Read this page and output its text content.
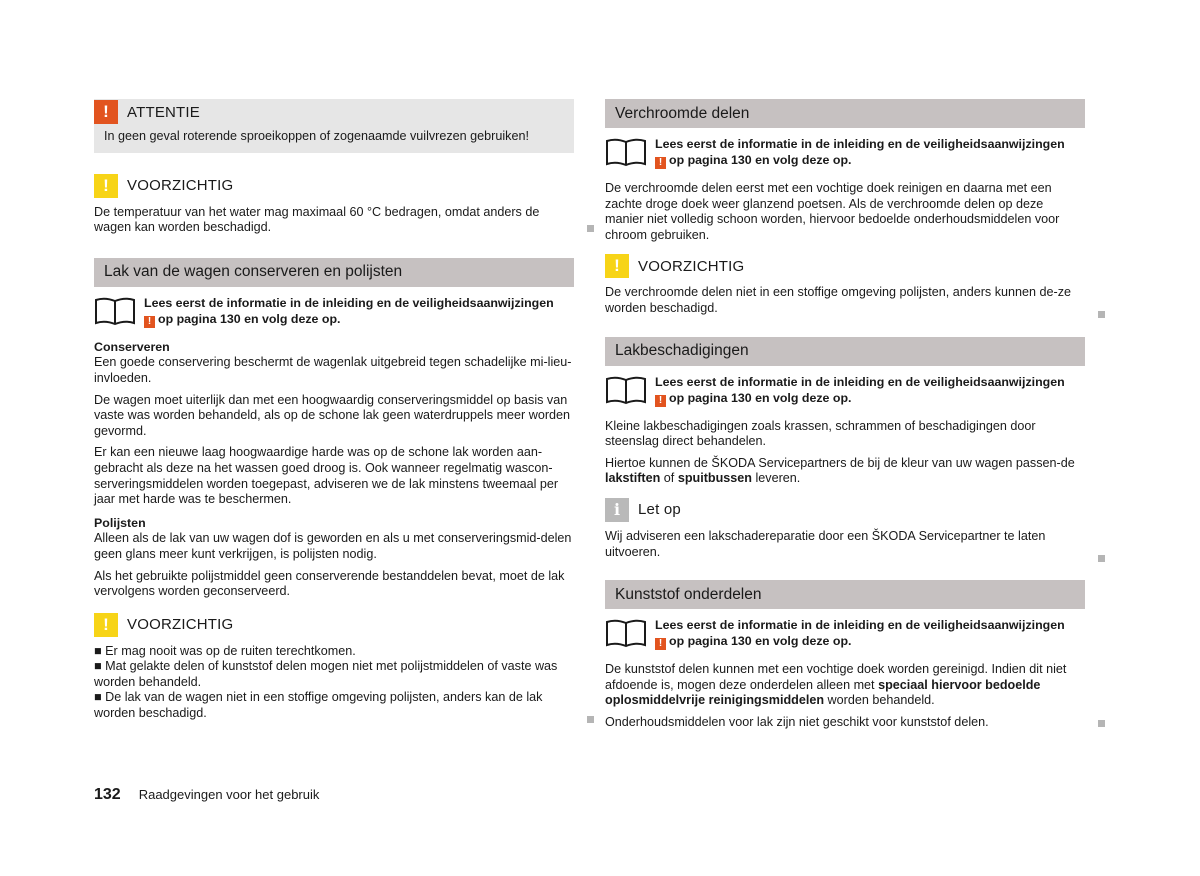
!	ATTENTIE

In geen geval roterende sproeikoppen of zogenaamde vuilvrezen gebruiken!

!	VOORZICHTIG

De temperatuur van het water mag maximaal 60 °C bedragen, omdat anders de wagen kan worden beschadigd.

Lak van de wagen conserveren en polijsten
Lees eerst de informatie in de inleiding en de veiligheidsaanwijzingen
! op pagina 130 en volg deze op.

Conserveren

Een goede conservering beschermt de wagenlak uitgebreid tegen schadelijke mi-lieu-invloeden.

De wagen moet uiterlijk dan met een hoogwaardig conserveringsmiddel op basis van vaste was worden behandeld, als op de schone lak geen waterdruppels meer worden gevormd.

Er kan een nieuwe laag hoogwaardige harde was op de schone lak worden aan-gebracht als deze na het wassen goed droog is. Ook wanneer regelmatig wascon-serveringsmiddelen worden toegepast, adviseren we de lak minstens tweemaal per jaar met harde was te beschermen.

Polijsten

Alleen als de lak van uw wagen dof is geworden en als u met conserveringsmid-delen geen glans meer kunt verkrijgen, is polijsten nodig.

Als het gebruikte polijstmiddel geen conserverende bestanddelen bevat, moet de lak vervolgens worden geconserveerd.

!	VOORZICHTIG

■ Er mag nooit was op de ruiten terechtkomen.

■ Mat gelakte delen of kunststof delen mogen niet met polijstmiddelen of vaste was worden behandeld.

■ De lak van de wagen niet in een stoffige omgeving polijsten, anders kan de lak worden beschadigd.

Verchroomde delen
Lees eerst de informatie in de inleiding en de veiligheidsaanwijzingen
! op pagina 130 en volg deze op.

De verchroomde delen eerst met een vochtige doek reinigen en daarna met een zachte droge doek weer glanzend poetsen. Als de verchroomde delen op deze manier niet volledig schoon worden, hiervoor bedoelde onderhoudsmiddelen voor chroom gebruiken.

!	VOORZICHTIG

De verchroomde delen niet in een stoffige omgeving polijsten, anders kunnen de-ze worden beschadigd.

Lakbeschadigingen
Lees eerst de informatie in de inleiding en de veiligheidsaanwijzingen
! op pagina 130 en volg deze op.

Kleine lakbeschadigingen zoals krassen, schrammen of beschadigingen door steenslag direct behandelen.

Hiertoe kunnen de ŠKODA Servicepartners de bij de kleur van uw wagen passen-de lakstiften of spuitbussen leveren.

i	Let op

Wij adviseren een lakschadereparatie door een ŠKODA Servicepartner te laten uitvoeren.

Kunststof onderdelen
Lees eerst de informatie in de inleiding en de veiligheidsaanwijzingen
! op pagina 130 en volg deze op.

De kunststof delen kunnen met een vochtige doek worden gereinigd. Indien dit niet afdoende is, mogen deze onderdelen alleen met speciaal hiervoor bedoelde oplosmiddelvrije reinigingsmiddelen worden behandeld.

Onderhoudsmiddelen voor lak zijn niet geschikt voor kunststof delen.

132 Raadgevingen voor het gebruik
